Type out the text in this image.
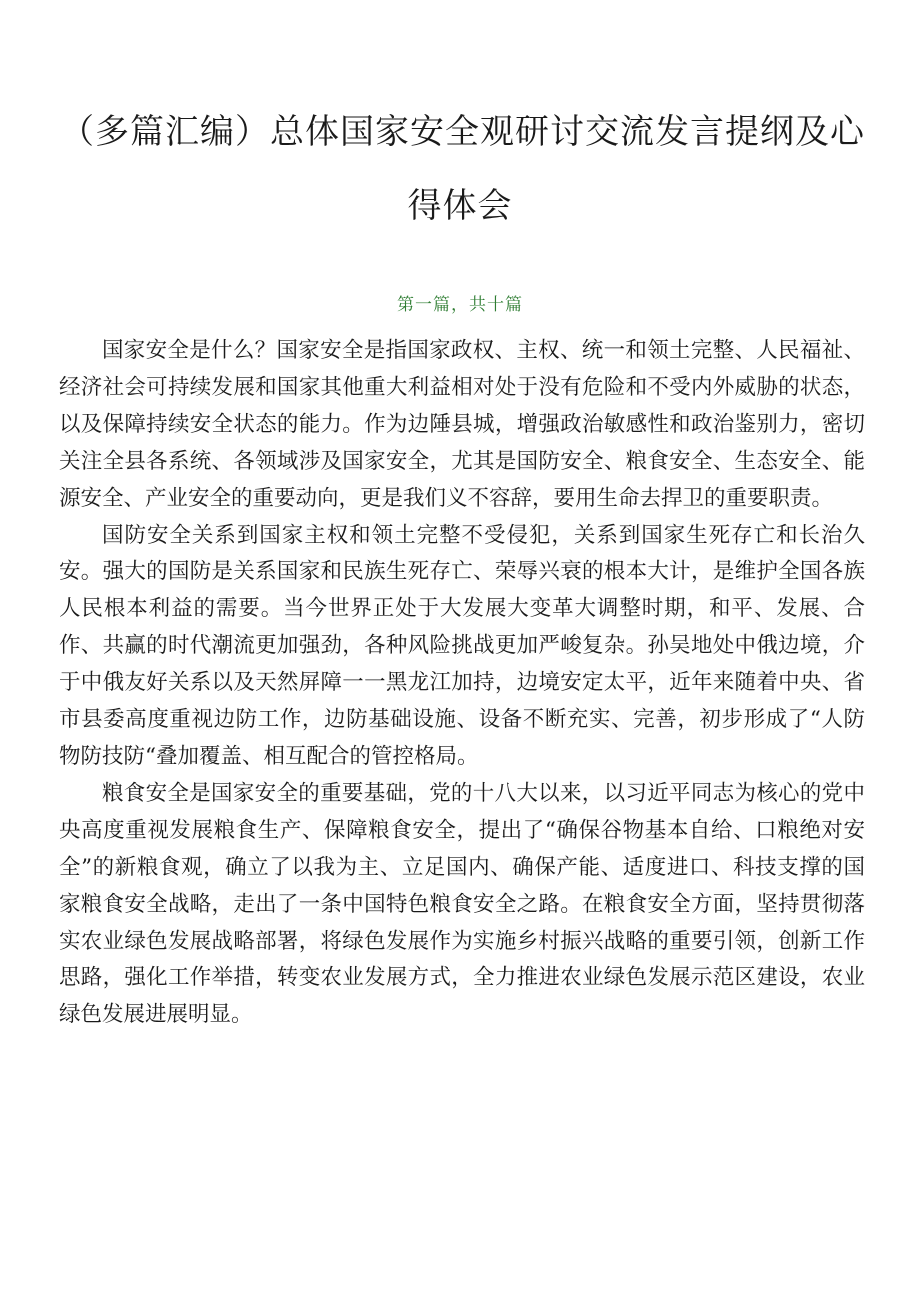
（多篇汇编）总体国家安全观研讨交流发言提纲及心
得体会
第一篇，共十篇

国家安全是什么？国家安全是指国家政权、主权、统一和领土完整、人民福祉、经济社会可持续发展和国家其他重大利益相对处于没有危险和不受内外威胁的状态，以及保障持续安全状态的能力。作为边陲县城，增强政治敏感性和政治鉴别力，密切关注全县各系统、各领域涉及国家安全，尤其是国防安全、粮食安全、生态安全、能源安全、产业安全的重要动向，更是我们义不容辞，要用生命去捍卫的重要职责。

国防安全关系到国家主权和领土完整不受侵犯，关系到国家生死存亡和长治久安。强大的国防是关系国家和民族生死存亡、荣辱兴衰的根本大计，是维护全国各族人民根本利益的需要。当今世界正处于大发展大变革大调整时期，和平、发展、合作、共赢的时代潮流更加强劲，各种风险挑战更加严峻复杂。孙吴地处中俄边境，介于中俄友好关系以及天然屏障一一黑龙江加持，边境安定太平，近年来随着中央、省市县委高度重视边防工作，边防基础设施、设备不断充实、完善，初步形成了“人防物防技防“叠加覆盖、相互配合的管控格局。

粮食安全是国家安全的重要基础，党的十八大以来，以习近平同志为核心的党中央高度重视发展粮食生产、保障粮食安全，提出了“确保谷物基本自给、口粮绝对安全”的新粮食观，确立了以我为主、立足国内、确保产能、适度进口、科技支撑的国家粮食安全战略，走出了一条中国特色粮食安全之路。在粮食安全方面，坚持贯彻落实农业绿色发展战略部署，将绿色发展作为实施乡村振兴战略的重要引领，创新工作思路，强化工作举措，转变农业发展方式，全力推进农业绿色发展示范区建设，农业绿色发展进展明显。
